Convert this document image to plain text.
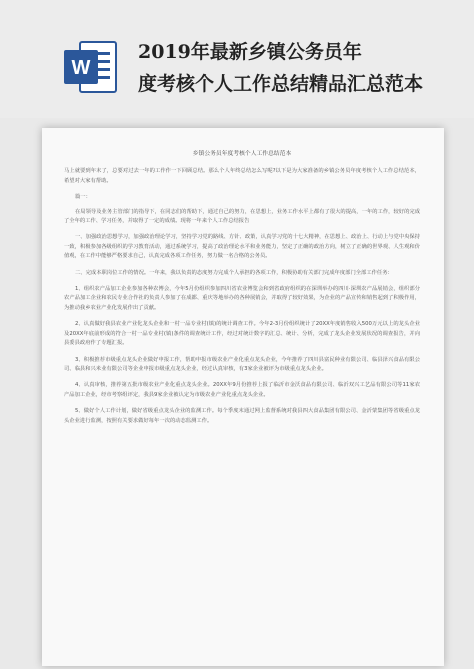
W
2019年最新乡镇公务员年
度考核个人工作总结精品汇总范本
乡镇公务员年度考核个人工作总结范本

马上就要到年末了，总要对过去一年的工作作一下回顾总结。那么个人年终总结怎么写呢?以下是为大家准备的乡镇公务员年度考核个人工作总结范本，希望对大家有帮助。

篇一：

在局领导及业务主管部门的指导下，在同志们的帮助下，通过自己的努力，在思想上，业务工作水平上都有了很大的提高，一年的工作，较好的完成了全年的工作、学习任务，并取得了一定的成绩。现将一年来个人工作总结报告

一、加强政治思想学习，加强政治理论学习，坚持学习党的路线、方针、政策，认真学习党的十七大精神，在思想上、政治上、行动上与党中央保持一致，积极参加各级组织的学习教育活动，通过系统学习，提高了政治理论水平和业务能力，坚定了正确的政治方向，树立了正确的世界观、人生观和价值观，在工作中能够严格要求自己，认真完成各项工作任务，努力做一名合格的公务员。

二、完成本职岗位工作的情况。一年来，我以负责的态度努力完成个人承担的各项工作，积极协助有关部门完成年度部门全部工作任务：

1、组织农产品加工企业参加各种农博会，今年5月份组织参加四川省农业博览会和到省政府组织的在深圳举办的四川·深圳农产品展销会，组织部分农产品加工企业和农民专业合作社的负责人参加了在成都、重庆等地举办的各种展销会，并取得了较好效果，为企业的产品宣传和销售起到了积极作用，为推动我乡农业产业化发展作出了贡献。

2、认真做好我县农业产业化龙头企业和一村一品专业村(镇)的统计调查工作。今年2-3月份组织统计了20XX年度销售收入500万元以上的龙头企业及20XX年底前形成的符合一村一品专业村(镇)条件的调查统计工作，经过对统计数字的汇总、统计、分析，完成了龙头企业发展状况的调查报告，并向县委县政府作了专题汇报。

3、积极推荐市级重点龙头企业做好申报工作，帮助申报市级农业产业化重点龙头企业，今年推荐了四川县富民种业有限公司、临县泽兴食品有限公司、临县和兴米业有限公司等企业申报市级重点龙头企业，经过认真审核，有3家企业被评为市级重点龙头企业。

4、认真审核，推荐第五批市级农业产业化重点龙头企业。20XX年9月份推荐上报了临沂市金沃食品有限公司、临沂双兴工艺品有限公司等11家农产品加工企业，经市考察组评定，我县9家企业被认定为市级农业产业化重点龙头企业。

5、做好个人工作计划，做好省级重点龙头企业的监测工作。每个季度末通过网上监督系统对我县四大食品集团有限公司、金沂蒙集团等省级重点龙头企业进行监测，按照有关要求做好每年一次的动态监测工作。
